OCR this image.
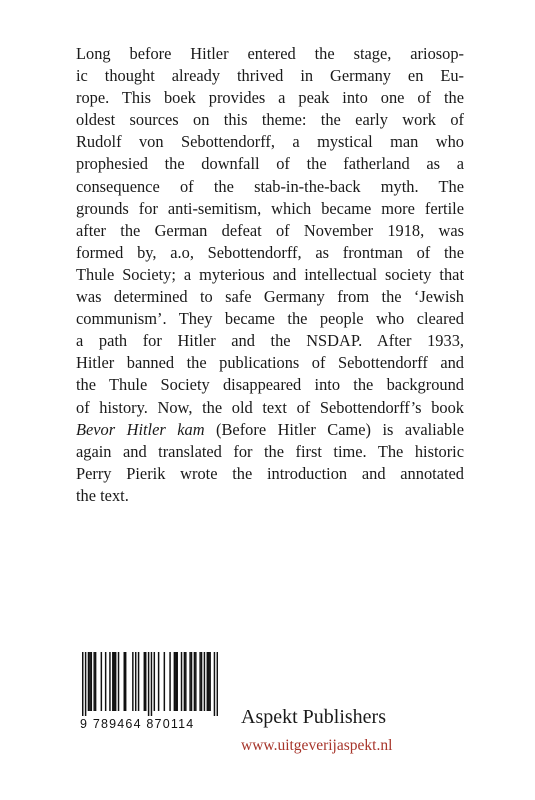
Long before Hitler entered the stage, ariosop-
ic thought already thrived in Germany en Eu-
rope. This boek provides a peak into one of the
oldest sources on this theme: the early work of
Rudolf von Sebottendorff, a mystical man who
prophesied the downfall of the fatherland as a
consequence of the stab-in-the-back myth. The
grounds for anti-semitism, which became more fertile
after the German defeat of November 1918, was
formed by, a.o, Sebottendorff, as frontman of the
Thule Society; a myterious and intellectual society that
was determined to safe Germany from the ‘Jewish
communism’. They became the people who cleared
a path for Hitler and the NSDAP. After 1933,
Hitler banned the publications of Sebottendorff and
the Thule Society disappeared into the background
of history. Now, the old text of Sebottendorff’s book
Bevor Hitler kam (Before Hitler Came) is avaliable
again and translated for the first time. The historic
Perry Pierik wrote the introduction and annotated
the text.
9 789464 870114	Aspekt Publishers
www.uitgeverijaspekt.nl
